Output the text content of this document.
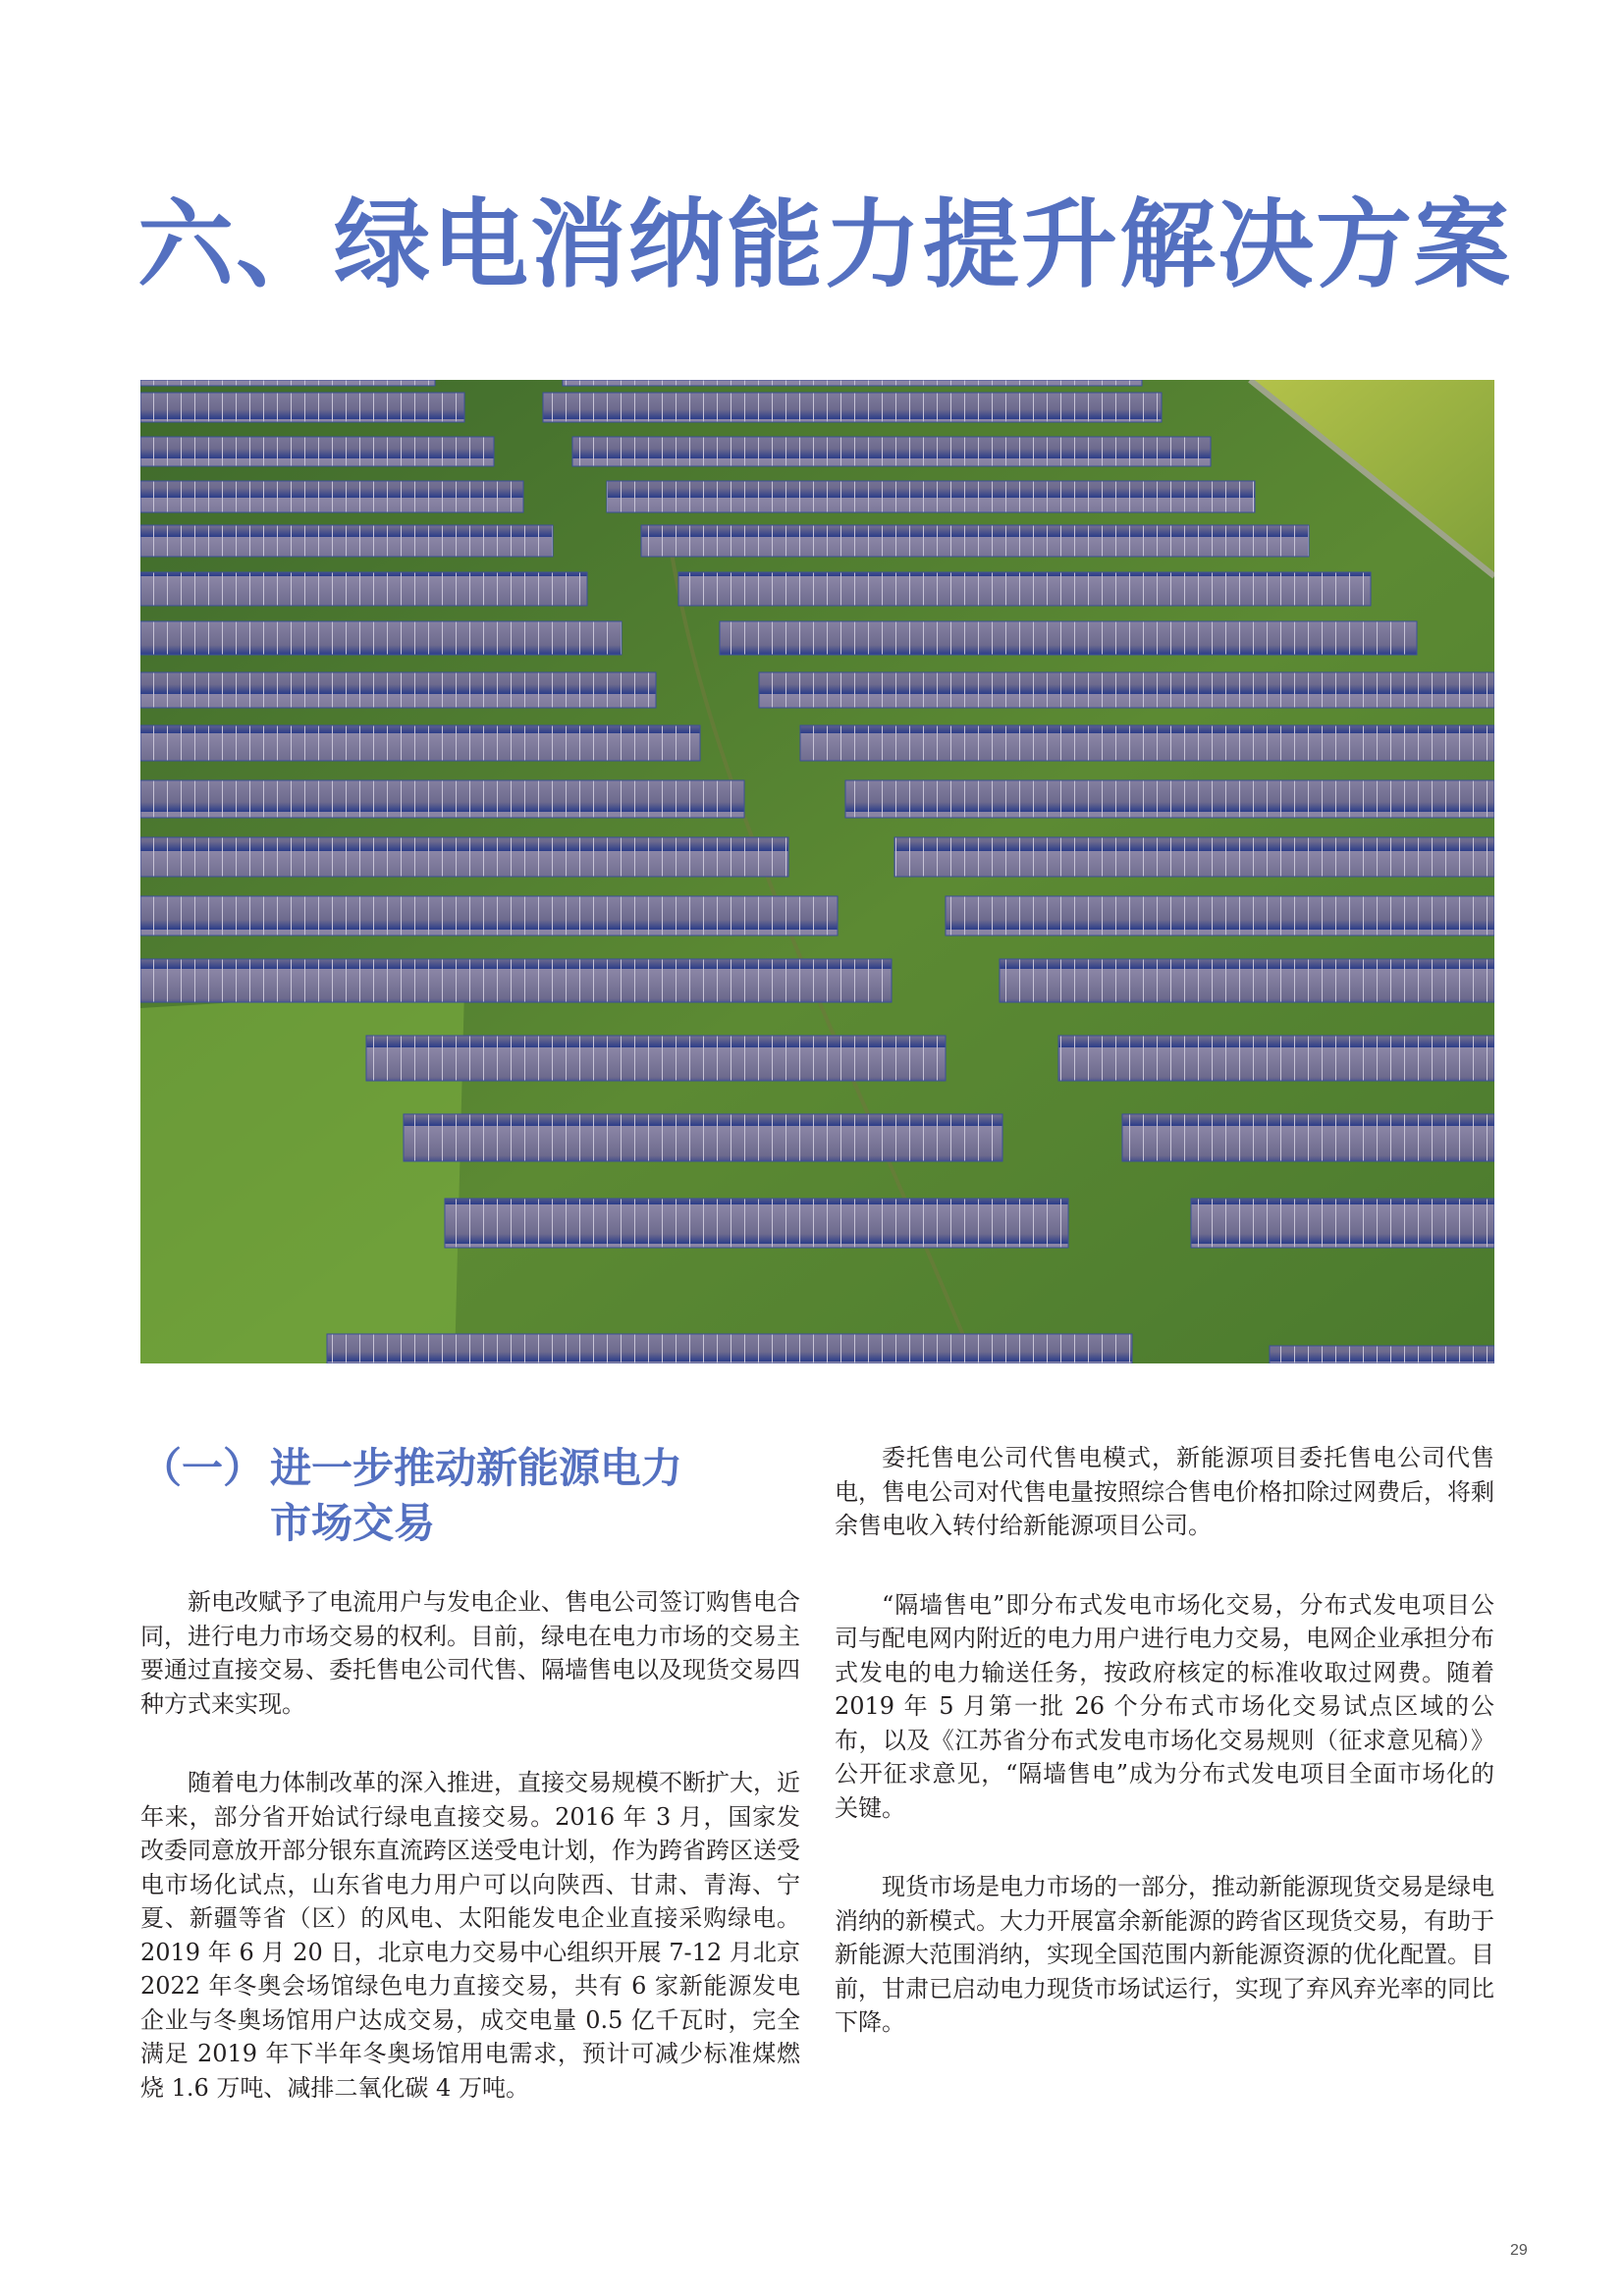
六、绿电消纳能力提升解决方案
（一） 进一步推动新能源电力
市场交易

新电改赋予了电流用户与发电企业、售电公司签订购售电合同，进行电力市场交易的权利。目前，绿电在电力市场的交易主要通过直接交易、委托售电公司代售、隔墙售电以及现货交易四种方式来实现。

随着电力体制改革的深入推进，直接交易规模不断扩大，近年来，部分省开始试行绿电直接交易。2016 年 3 月，国家发改委同意放开部分银东直流跨区送受电计划，作为跨省跨区送受电市场化试点，山东省电力用户可以向陕西、甘肃、青海、宁夏、新疆等省（区）的风电、太阳能发电企业直接采购绿电。2019 年 6 月 20 日，北京电力交易中心组织开展 7-12 月北京 2022 年冬奥会场馆绿色电力直接交易，共有 6 家新能源发电企业与冬奥场馆用户达成交易，成交电量 0.5 亿千瓦时，完全满足 2019 年下半年冬奥场馆用电需求，预计可减少标准煤燃烧 1.6 万吨、减排二氧化碳 4 万吨。

委托售电公司代售电模式，新能源项目委托售电公司代售电，售电公司对代售电量按照综合售电价格扣除过网费后，将剩余售电收入转付给新能源项目公司。

“隔墙售电”即分布式发电市场化交易，分布式发电项目公司与配电网内附近的电力用户进行电力交易，电网企业承担分布式发电的电力输送任务，按政府核定的标准收取过网费。随着 2019 年 5 月第一批 26 个分布式市场化交易试点区域的公布，以及《江苏省分布式发电市场化交易规则（征求意见稿）》公开征求意见，“隔墙售电”成为分布式发电项目全面市场化的关键。

现货市场是电力市场的一部分，推动新能源现货交易是绿电消纳的新模式。大力开展富余新能源的跨省区现货交易，有助于新能源大范围消纳，实现全国范围内新能源资源的优化配置。目前，甘肃已启动电力现货市场试运行，实现了弃风弃光率的同比下降。

29
